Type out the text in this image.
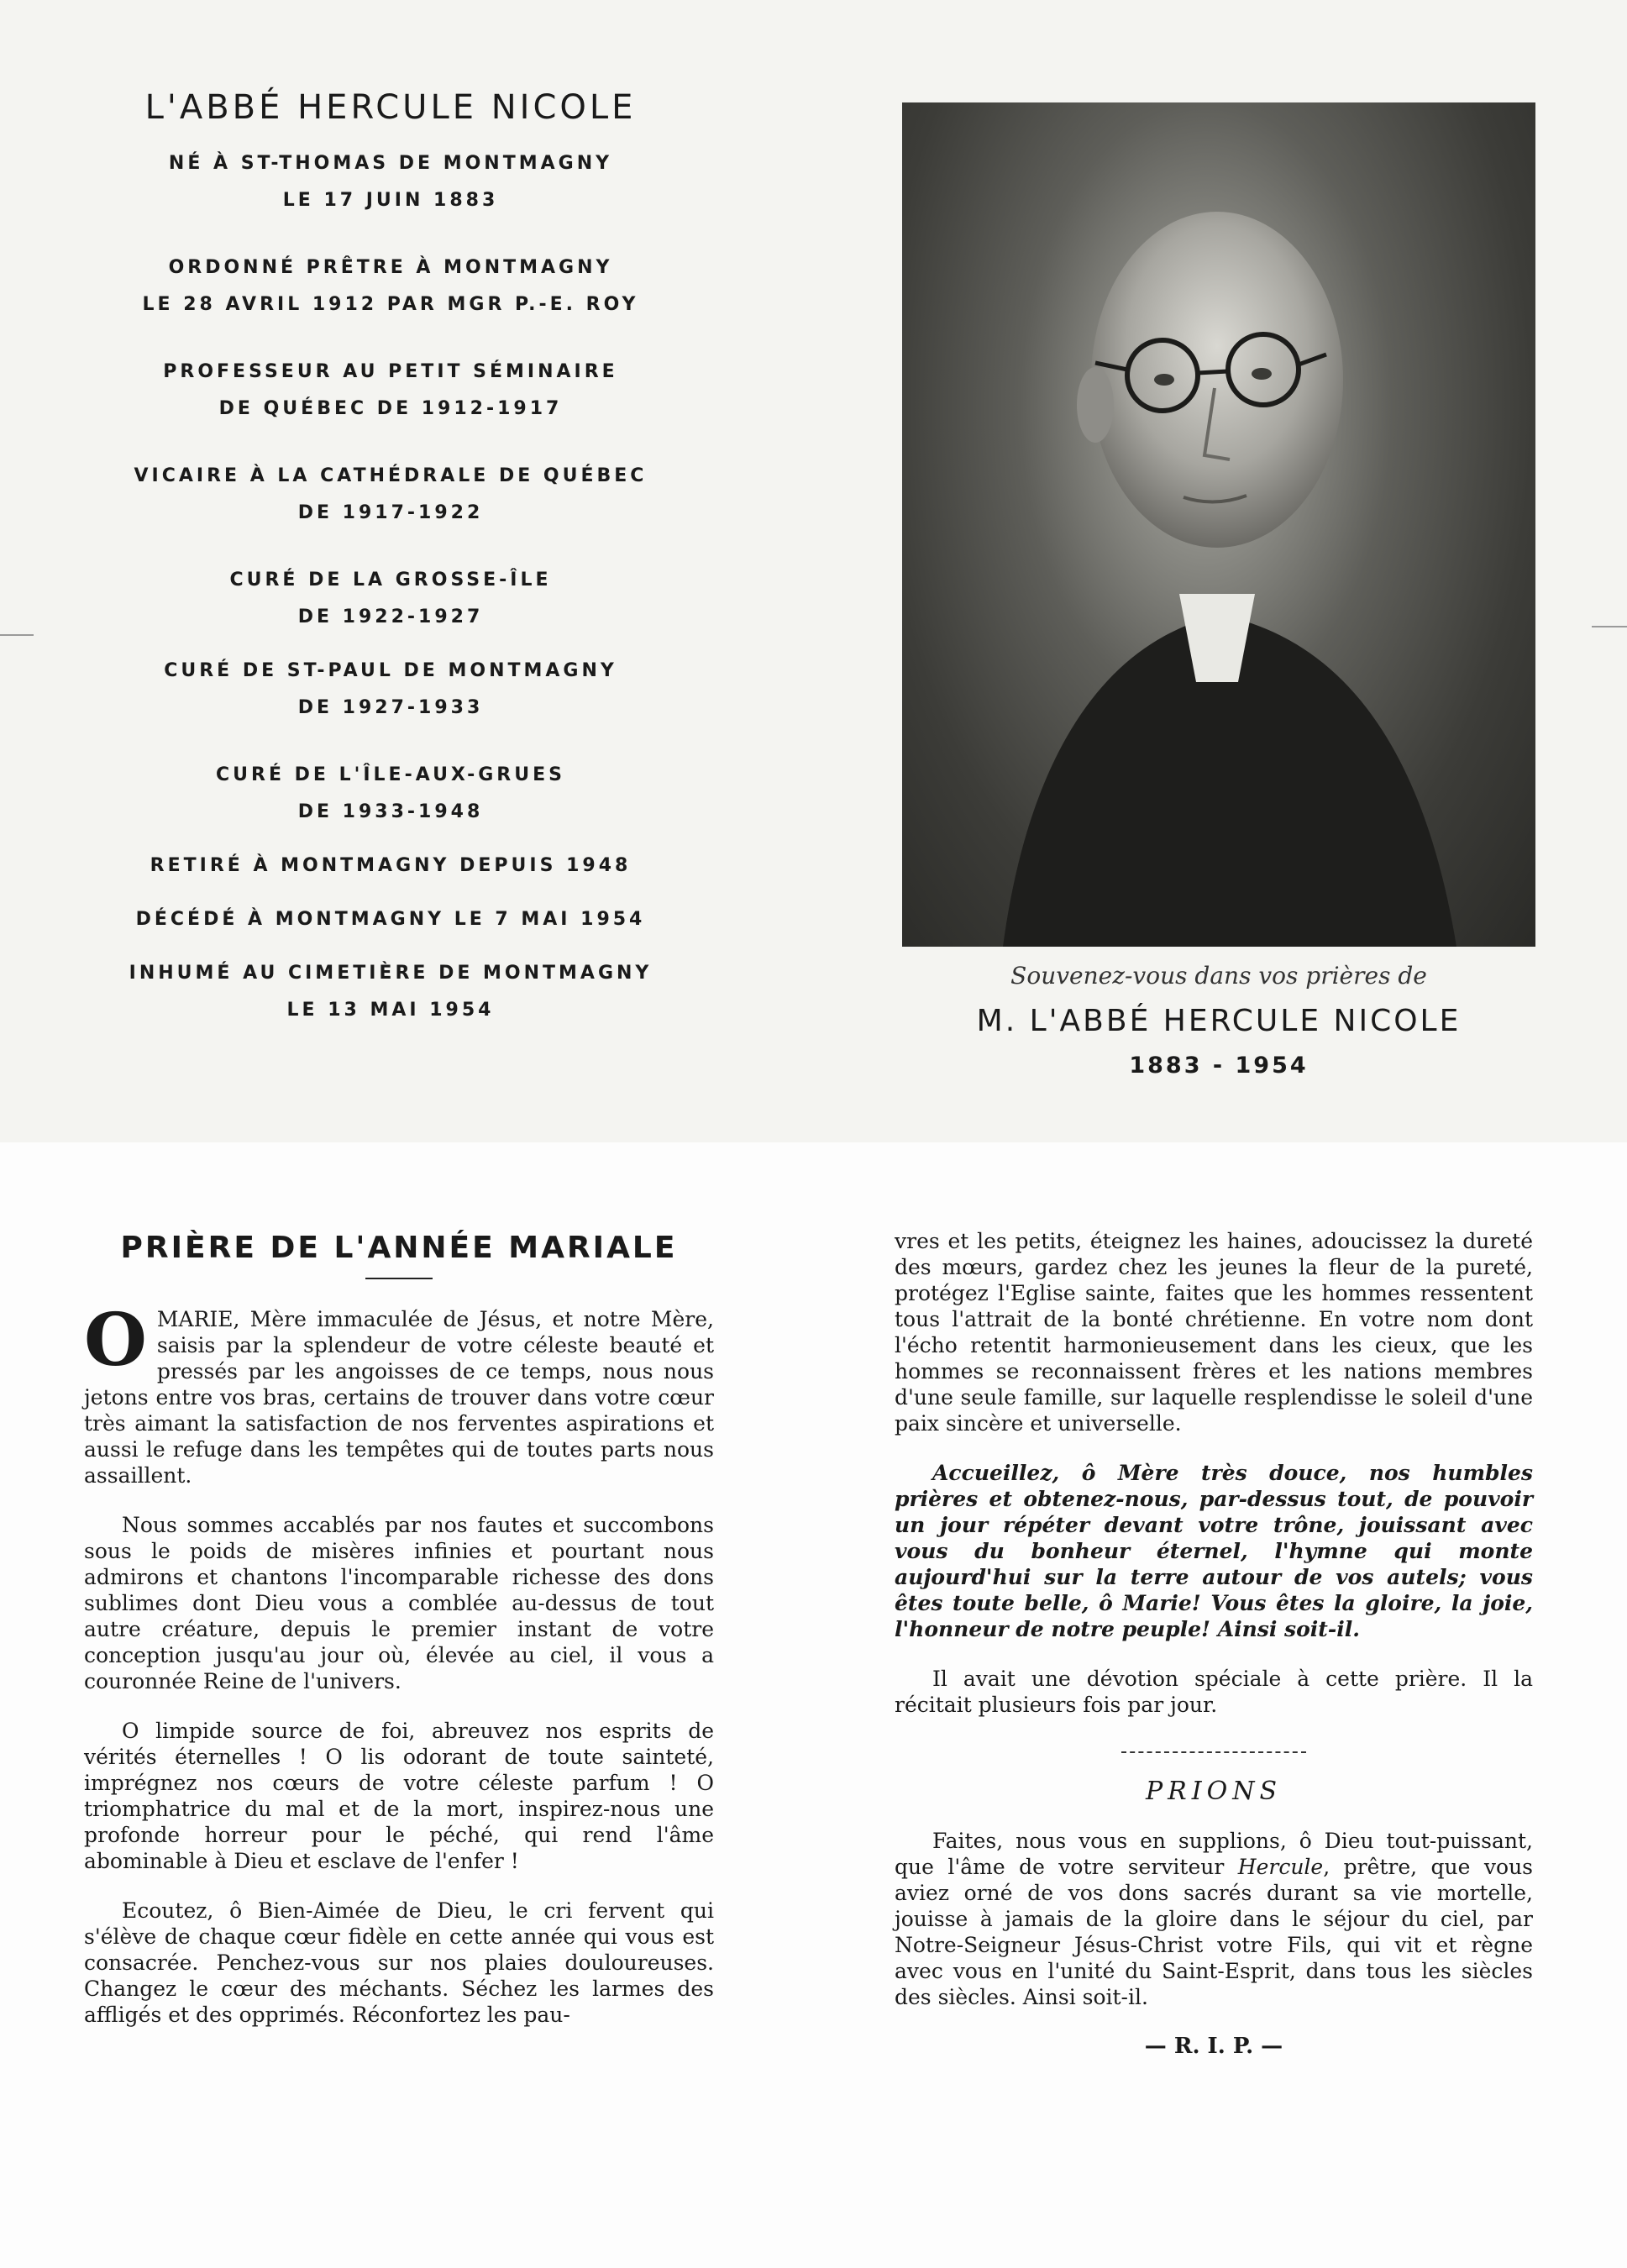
L'ABBÉ HERCULE NICOLE
NÉ À ST-THOMAS DE MONTMAGNY
LE 17 JUIN 1883
ORDONNÉ PRÊTRE À MONTMAGNY
LE 28 AVRIL 1912 PAR MGR P.-E. ROY
PROFESSEUR AU PETIT SÉMINAIRE
DE QUÉBEC DE 1912-1917
VICAIRE À LA CATHÉDRALE DE QUÉBEC
DE 1917-1922
CURÉ DE LA GROSSE-ÎLE
DE 1922-1927
CURÉ DE ST-PAUL DE MONTMAGNY
DE 1927-1933
CURÉ DE L'ÎLE-AUX-GRUES
DE 1933-1948
RETIRÉ À MONTMAGNY DEPUIS 1948
DÉCÉDÉ À MONTMAGNY LE 7 MAI 1954
INHUMÉ AU CIMETIÈRE DE MONTMAGNY
LE 13 MAI 1954
Souvenez-vous dans vos prières de
M. L'ABBÉ HERCULE NICOLE
1883 - 1954
PRIÈRE DE L'ANNÉE MARIALE

O MARIE, Mère immaculée de Jésus, et notre Mère, saisis par la splendeur de votre céleste beauté et pressés par les angoisses de ce temps, nous nous jetons entre vos bras, certains de trouver dans votre cœur très aimant la satisfaction de nos ferventes aspirations et aussi le refuge dans les tempêtes qui de toutes parts nous assaillent.

Nous sommes accablés par nos fautes et succombons sous le poids de misères infinies et pourtant nous admirons et chantons l'incomparable richesse des dons sublimes dont Dieu vous a comblée au-dessus de tout autre créature, depuis le premier instant de votre conception jusqu'au jour où, élevée au ciel, il vous a couronnée Reine de l'univers.

O limpide source de foi, abreuvez nos esprits de vérités éternelles ! O lis odorant de toute sainteté, imprégnez nos cœurs de votre céleste parfum ! O triomphatrice du mal et de la mort, inspirez-nous une profonde horreur pour le péché, qui rend l'âme abominable à Dieu et esclave de l'enfer !

Ecoutez, ô Bien-Aimée de Dieu, le cri fervent qui s'élève de chaque cœur fidèle en cette année qui vous est consacrée. Penchez-vous sur nos plaies douloureuses. Changez le cœur des méchants. Séchez les larmes des affligés et des opprimés. Réconfortez les pau-

vres et les petits, éteignez les haines, adoucissez la dureté des mœurs, gardez chez les jeunes la fleur de la pureté, protégez l'Eglise sainte, faites que les hommes ressentent tous l'attrait de la bonté chrétienne. En votre nom dont l'écho retentit harmonieusement dans les cieux, que les hommes se reconnaissent frères et les nations membres d'une seule famille, sur laquelle resplendisse le soleil d'une paix sincère et universelle.

Accueillez, ô Mère très douce, nos humbles prières et obtenez-nous, par-dessus tout, de pouvoir un jour répéter devant votre trône, jouissant avec vous du bonheur éternel, l'hymne qui monte aujourd'hui sur la terre autour de vos autels; vous êtes toute belle, ô Marie! Vous êtes la gloire, la joie, l'honneur de notre peuple! Ainsi soit-il.

Il avait une dévotion spéciale à cette prière. Il la récitait plusieurs fois par jour.

PRIONS

Faites, nous vous en supplions, ô Dieu tout-puissant, que l'âme de votre serviteur Hercule, prêtre, que vous aviez orné de vos dons sacrés durant sa vie mortelle, jouisse à jamais de la gloire dans le séjour du ciel, par Notre-Seigneur Jésus-Christ votre Fils, qui vit et règne avec vous en l'unité du Saint-Esprit, dans tous les siècles des siècles. Ainsi soit-il.

— R. I. P. —
